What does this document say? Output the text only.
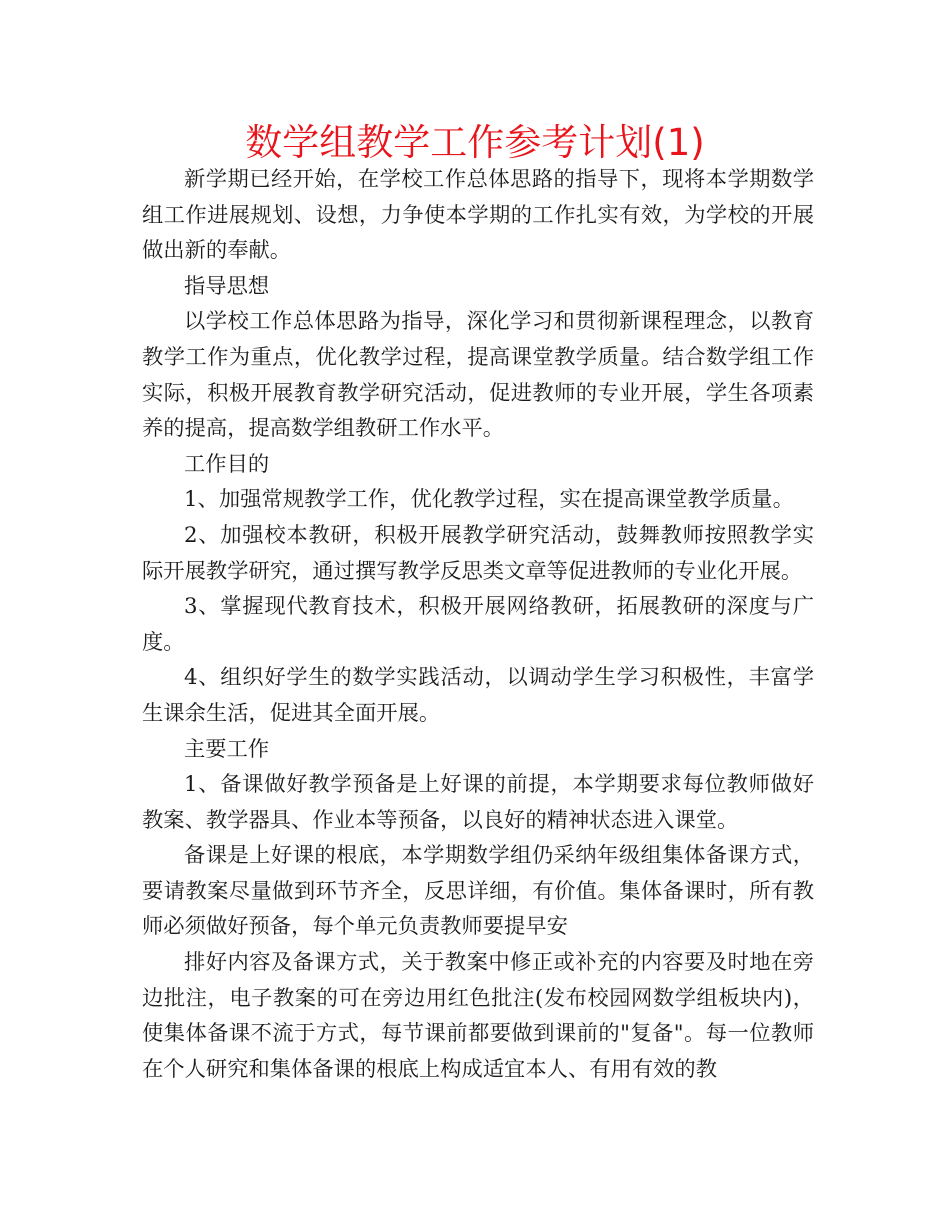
数学组教学工作参考计划(1)

新学期已经开始，在学校工作总体思路的指导下，现将本学期数学组工作进展规划、设想，力争使本学期的工作扎实有效，为学校的开展做出新的奉献。

指导思想

以学校工作总体思路为指导，深化学习和贯彻新课程理念，以教育教学工作为重点，优化教学过程，提高课堂教学质量。结合数学组工作实际，积极开展教育教学研究活动，促进教师的专业开展，学生各项素养的提高，提高数学组教研工作水平。

工作目的

1、加强常规教学工作，优化教学过程，实在提高课堂教学质量。

2、加强校本教研，积极开展教学研究活动，鼓舞教师按照教学实际开展教学研究，通过撰写教学反思类文章等促进教师的专业化开展。

3、掌握现代教育技术，积极开展网络教研，拓展教研的深度与广度。

4、组织好学生的数学实践活动，以调动学生学习积极性，丰富学生课余生活，促进其全面开展。

主要工作

1、备课做好教学预备是上好课的前提，本学期要求每位教师做好教案、教学器具、作业本等预备，以良好的精神状态进入课堂。

备课是上好课的根底，本学期数学组仍采纳年级组集体备课方式，要请教案尽量做到环节齐全，反思详细，有价值。集体备课时，所有教师必须做好预备，每个单元负责教师要提早安

排好内容及备课方式，关于教案中修正或补充的内容要及时地在旁边批注，电子教案的可在旁边用红色批注(发布校园网数学组板块内)，使集体备课不流于方式，每节课前都要做到课前的"复备"。每一位教师在个人研究和集体备课的根底上构成适宜本人、有用有效的教
